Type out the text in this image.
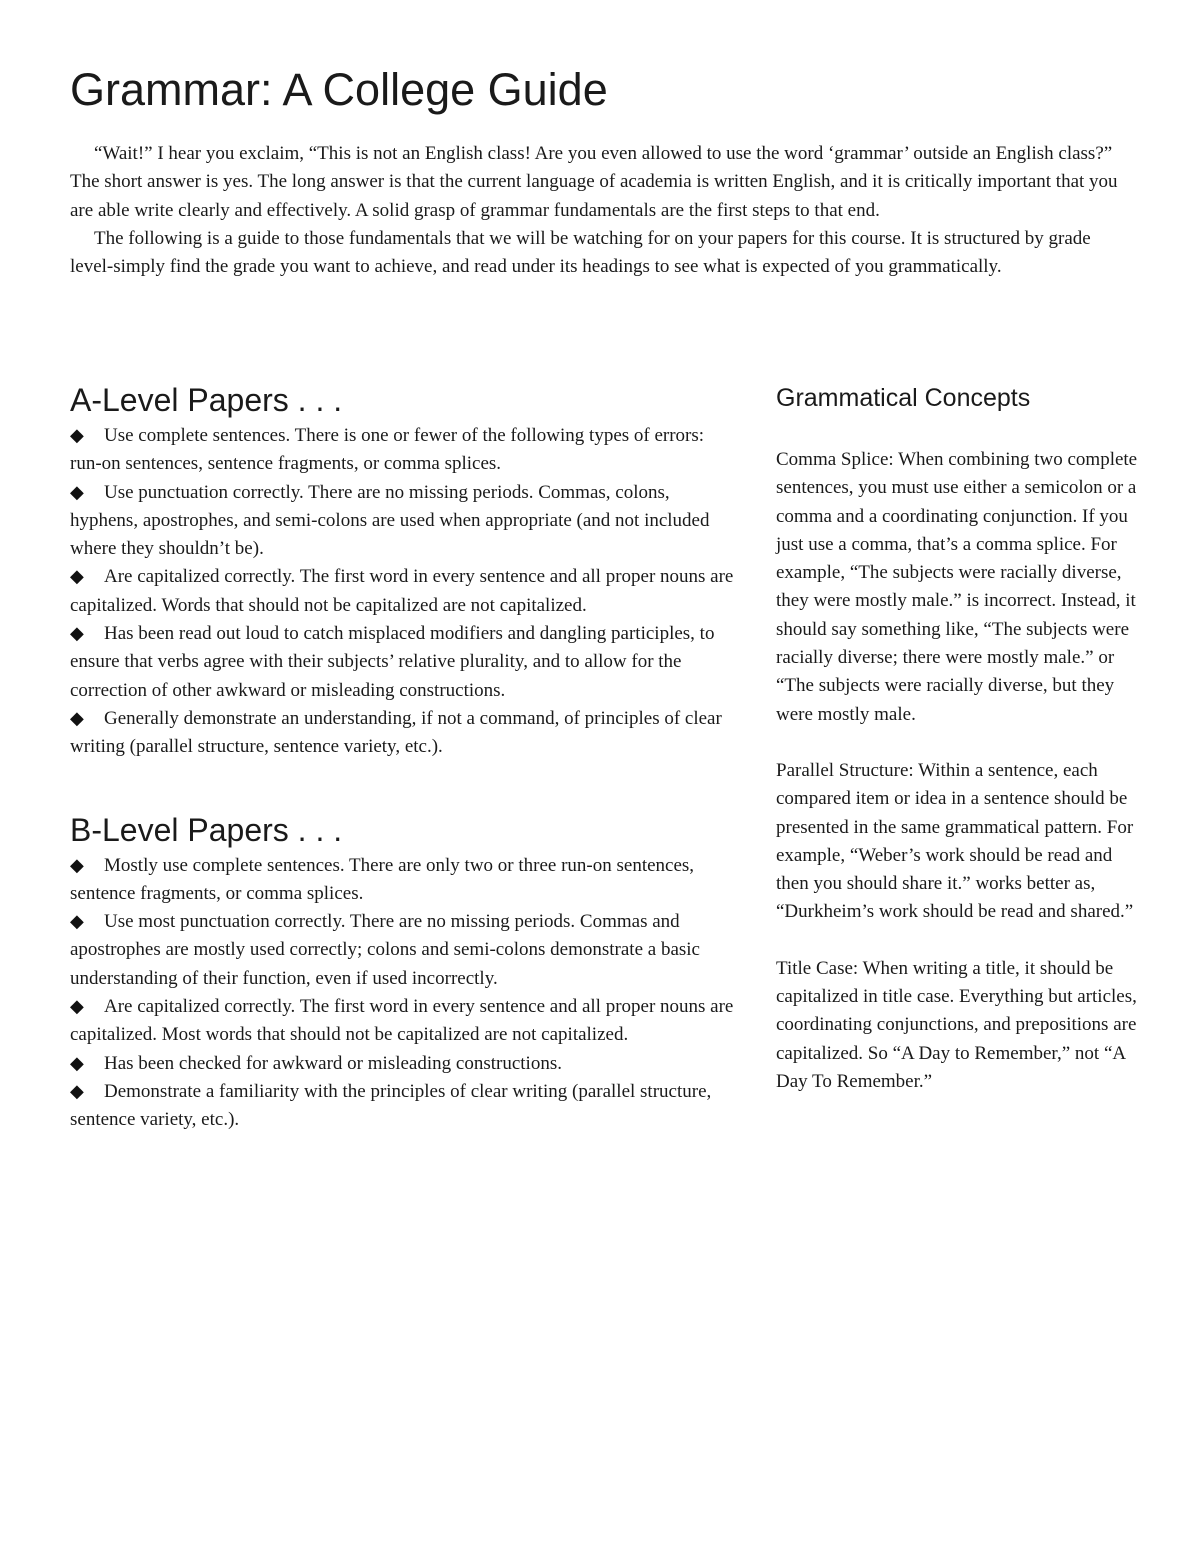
Grammar: A College Guide

“Wait!” I hear you exclaim, “This is not an English class! Are you even allowed to use the word ‘grammar’ outside an English class?” The short answer is yes. The long answer is that the current language of academia is written English, and it is critically important that you are able write clearly and effectively. A solid grasp of grammar fundamentals are the first steps to that end.

The following is a guide to those fundamentals that we will be watching for on your papers for this course. It is structured by grade level-simply find the grade you want to achieve, and read under its headings to see what is expected of you grammatically.

A-Level Papers . . .
◆ Use complete sentences. There is one or fewer of the following types of errors: run-on sentences, sentence fragments, or comma splices.
◆ Use punctuation correctly. There are no missing periods. Commas, colons, hyphens, apostrophes, and semi-colons are used when appropriate (and not included where they shouldn’t be).
◆ Are capitalized correctly. The first word in every sentence and all proper nouns are capitalized. Words that should not be capitalized are not capitalized.
◆ Has been read out loud to catch misplaced modifiers and dangling participles, to ensure that verbs agree with their subjects’ relative plurality, and to allow for the correction of other awkward or misleading constructions.
◆ Generally demonstrate an understanding, if not a command, of principles of clear writing (parallel structure, sentence variety, etc.).
B-Level Papers . . .
◆ Mostly use complete sentences. There are only two or three run-on sentences, sentence fragments, or comma splices.
◆ Use most punctuation correctly. There are no missing periods. Commas and apostrophes are mostly used correctly; colons and semi-colons demonstrate a basic understanding of their function, even if used incorrectly.
◆ Are capitalized correctly. The first word in every sentence and all proper nouns are capitalized. Most words that should not be capitalized are not capitalized.
◆ Has been checked for awkward or misleading constructions.
◆ Demonstrate a familiarity with the principles of clear writing (parallel structure, sentence variety, etc.).
Grammatical Concepts

Comma Splice: When combining two complete sentences, you must use either a semicolon or a comma and a coordinating conjunction. If you just use a comma, that’s a comma splice. For example, “The subjects were racially diverse, they were mostly male.” is incorrect. Instead, it should say something like, “The subjects were racially diverse; there were mostly male.” or “The subjects were racially diverse, but they were mostly male.

Parallel Structure: Within a sentence, each compared item or idea in a sentence should be presented in the same grammatical pattern. For example, “Weber’s work should be read and then you should share it.” works better as, “Durkheim’s work should be read and shared.”

Title Case: When writing a title, it should be capitalized in title case. Everything but articles, coordinating conjunctions, and prepositions are capitalized. So “A Day to Remember,” not “A Day To Remember.”
